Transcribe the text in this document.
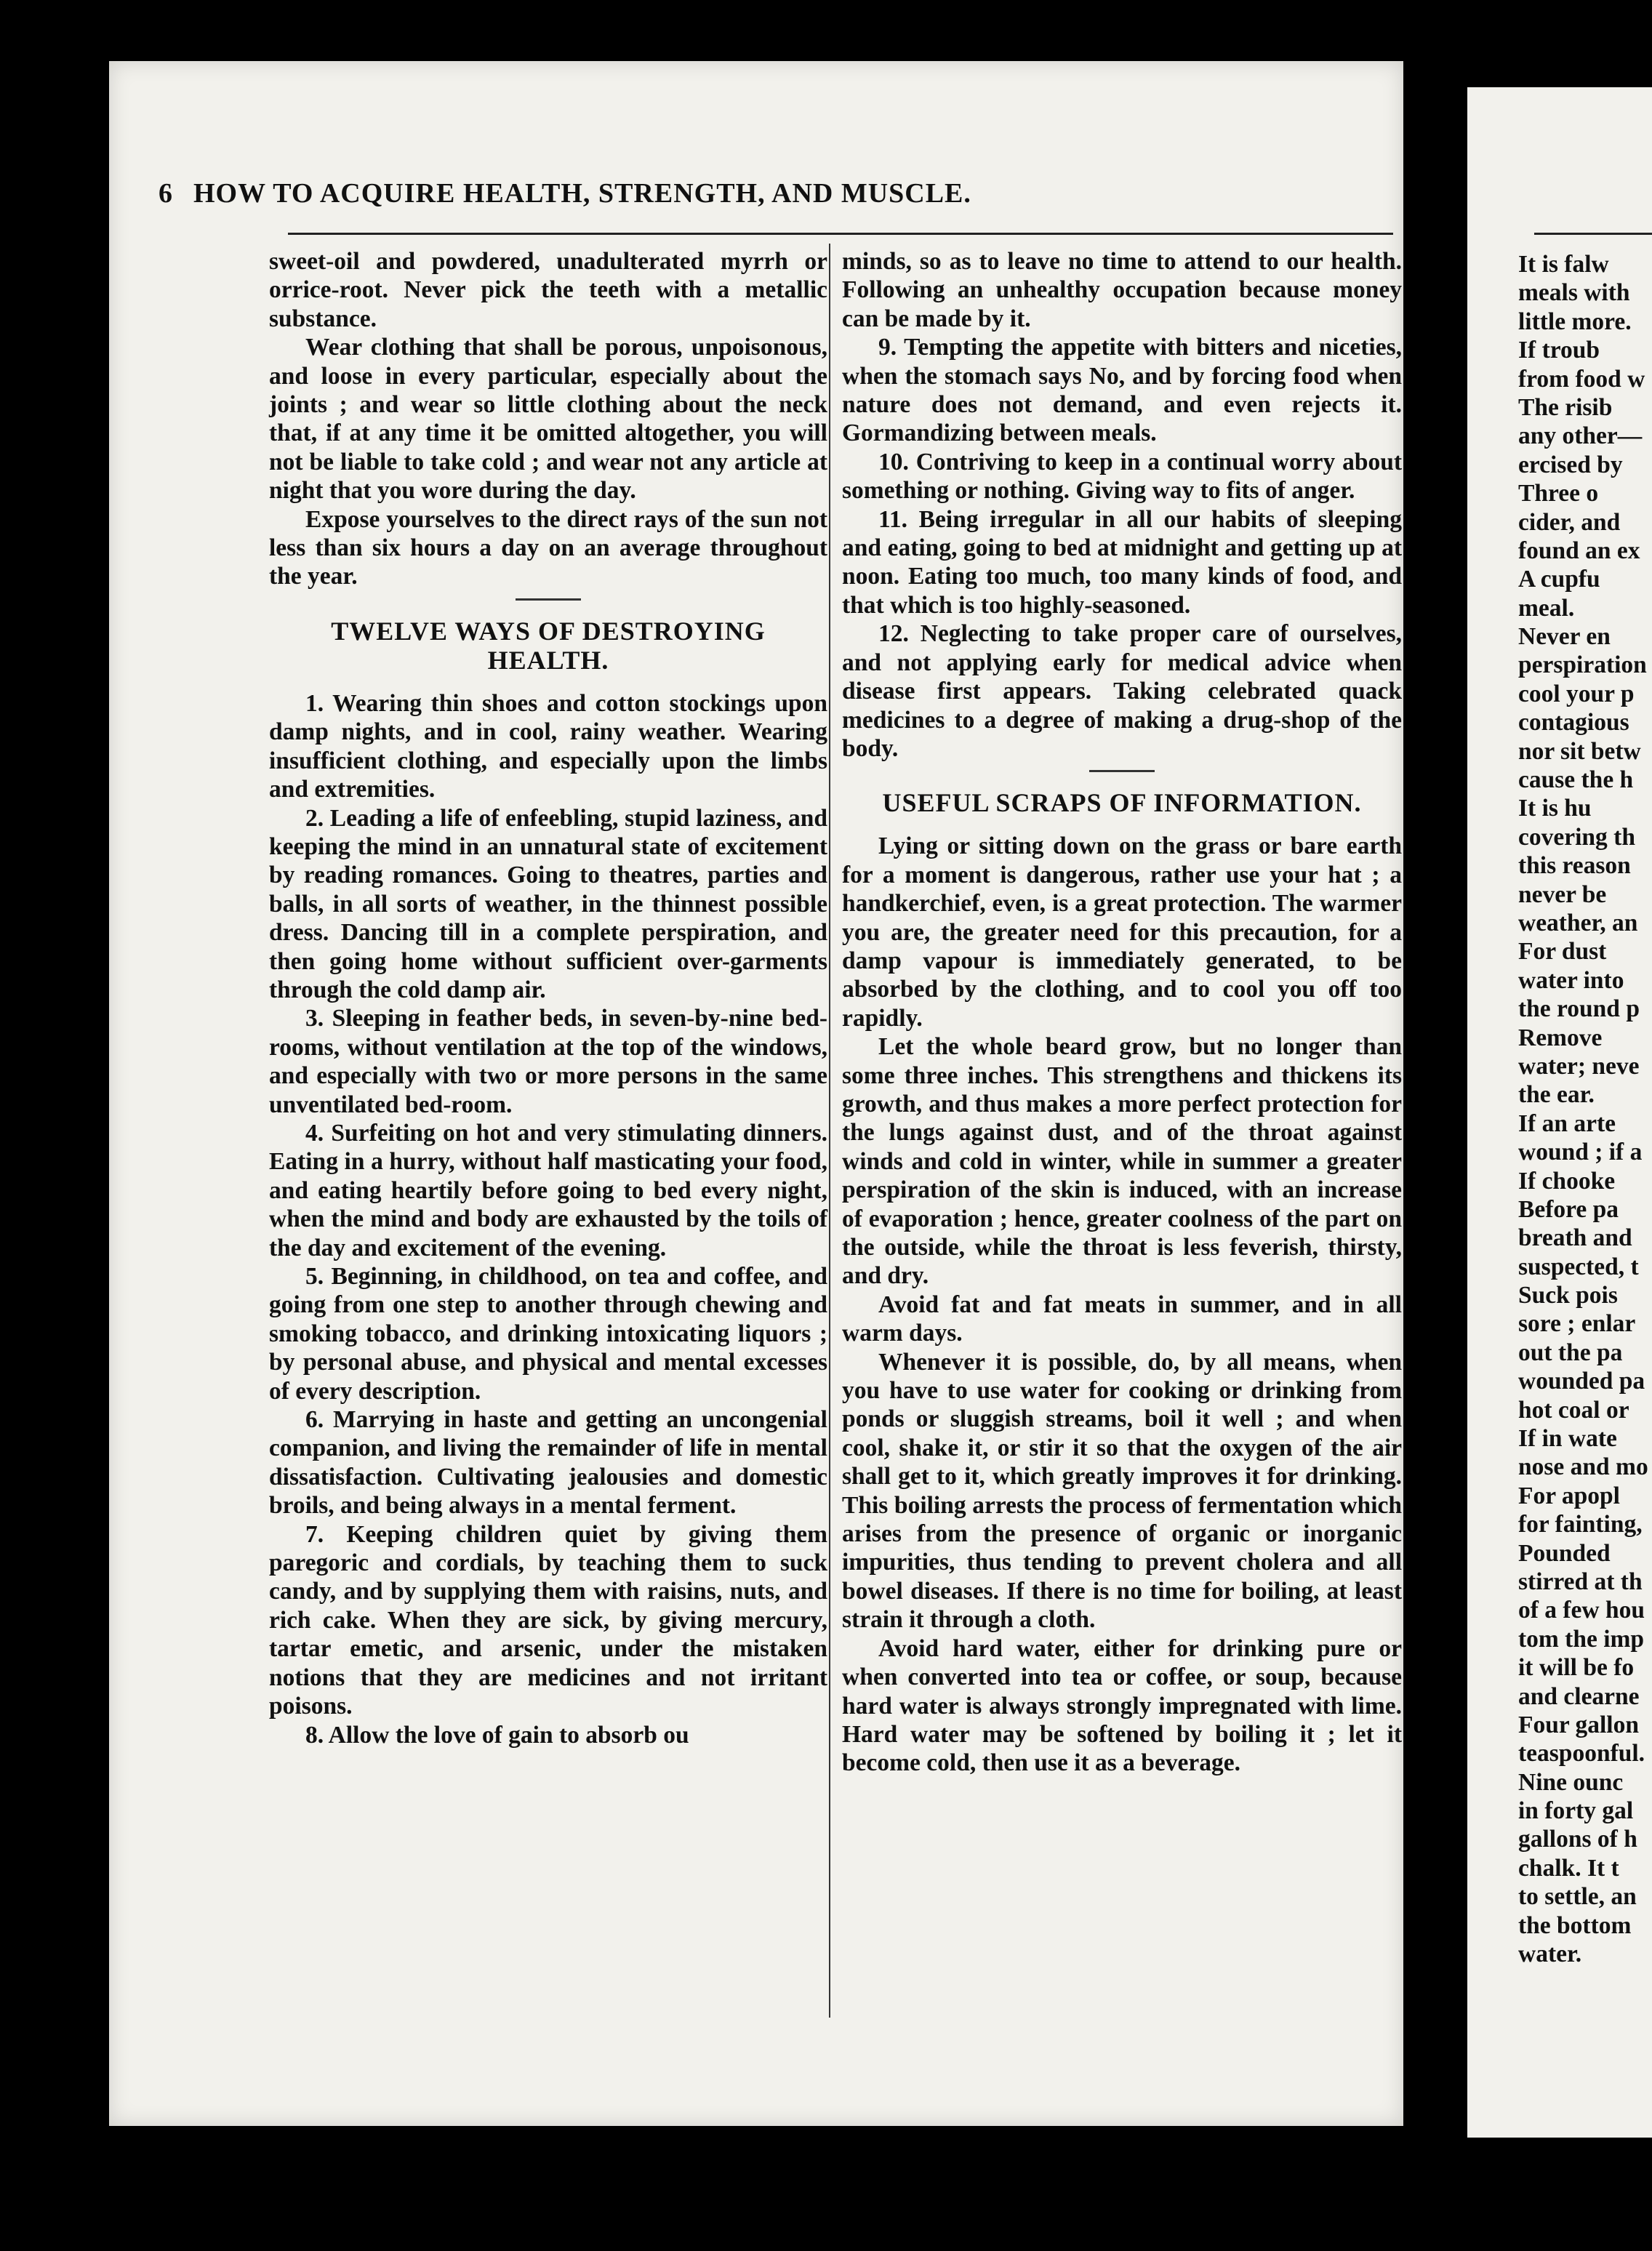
6 HOW TO ACQUIRE HEALTH, STRENGTH, AND MUSCLE.

sweet-oil and powdered, unadulterated myrrh or orrice-root. Never pick the teeth with a metallic substance.

Wear clothing that shall be porous, unpoisonous, and loose in every particular, especially about the joints ; and wear so little clothing about the neck that, if at any time it be omitted altogether, you will not be liable to take cold ; and wear not any article at night that you wore during the day.

Expose yourselves to the direct rays of the sun not less than six hours a day on an average throughout the year.

TWELVE WAYS OF DESTROYING HEALTH.

1. Wearing thin shoes and cotton stockings upon damp nights, and in cool, rainy weather. Wearing insufficient clothing, and especially upon the limbs and extremities.

2. Leading a life of enfeebling, stupid laziness, and keeping the mind in an unnatural state of excitement by reading romances. Going to theatres, parties and balls, in all sorts of weather, in the thinnest possible dress. Dancing till in a complete perspiration, and then going home without sufficient over-garments through the cold damp air.

3. Sleeping in feather beds, in seven-by-nine bed-rooms, without ventilation at the top of the windows, and especially with two or more persons in the same unventilated bed-room.

4. Surfeiting on hot and very stimulating dinners. Eating in a hurry, without half masticating your food, and eating heartily before going to bed every night, when the mind and body are exhausted by the toils of the day and excitement of the evening.

5. Beginning, in childhood, on tea and coffee, and going from one step to another through chewing and smoking tobacco, and drinking intoxicating liquors ; by personal abuse, and physical and mental excesses of every description.

6. Marrying in haste and getting an uncongenial companion, and living the remainder of life in mental dissatisfaction. Cultivating jealousies and domestic broils, and being always in a mental ferment.

7. Keeping children quiet by giving them paregoric and cordials, by teaching them to suck candy, and by supplying them with raisins, nuts, and rich cake. When they are sick, by giving mercury, tartar emetic, and arsenic, under the mistaken notions that they are medicines and not irritant poisons.

8. Allow the love of gain to absorb ou

minds, so as to leave no time to attend to our health. Following an unhealthy occupation because money can be made by it.

9. Tempting the appetite with bitters and niceties, when the stomach says No, and by forcing food when nature does not demand, and even rejects it. Gormandizing between meals.

10. Contriving to keep in a continual worry about something or nothing. Giving way to fits of anger.

11. Being irregular in all our habits of sleeping and eating, going to bed at midnight and getting up at noon. Eating too much, too many kinds of food, and that which is too highly-seasoned.

12. Neglecting to take proper care of ourselves, and not applying early for medical advice when disease first appears. Taking celebrated quack medicines to a degree of making a drug-shop of the body.

USEFUL SCRAPS OF INFORMATION.

Lying or sitting down on the grass or bare earth for a moment is dangerous, rather use your hat ; a handkerchief, even, is a great protection. The warmer you are, the greater need for this precaution, for a damp vapour is immediately generated, to be absorbed by the clothing, and to cool you off too rapidly.

Let the whole beard grow, but no longer than some three inches. This strengthens and thickens its growth, and thus makes a more perfect protection for the lungs against dust, and of the throat against winds and cold in winter, while in summer a greater perspiration of the skin is induced, with an increase of evaporation ; hence, greater coolness of the part on the outside, while the throat is less feverish, thirsty, and dry.

Avoid fat and fat meats in summer, and in all warm days.

Whenever it is possible, do, by all means, when you have to use water for cooking or drinking from ponds or sluggish streams, boil it well ; and when cool, shake it, or stir it so that the oxygen of the air shall get to it, which greatly improves it for drinking. This boiling arrests the process of fermentation which arises from the presence of organic or inorganic impurities, thus tending to prevent cholera and all bowel diseases. If there is no time for boiling, at least strain it through a cloth.

Avoid hard water, either for drinking pure or when converted into tea or coffee, or soup, because hard water is always strongly impregnated with lime. Hard water may be softened by boiling it ; let it become cold, then use it as a beverage.

It is falw
meals with
little more.
If troub
from food w
The risib
any other—
ercised by
Three o
cider, and
found an ex
A cupfu
meal.
Never en
perspiration
cool your p
contagious
nor sit betw
cause the h
It is hu
covering th
this reason
never be
weather, an
For dust
water into
the round p
Remove
water; neve
the ear.
If an arte
wound ; if a
If chooke
Before pa
breath and
suspected, t
Suck pois
sore ; enlar
out the pa
wounded pa
hot coal or
If in wate
nose and mo
For apopl
for fainting,
Pounded
stirred at th
of a few hou
tom the imp
it will be fo
and clearne
Four gallon
teaspoonful.
Nine ounc
in forty gal
gallons of h
chalk. It t
to settle, an
the bottom
water.
